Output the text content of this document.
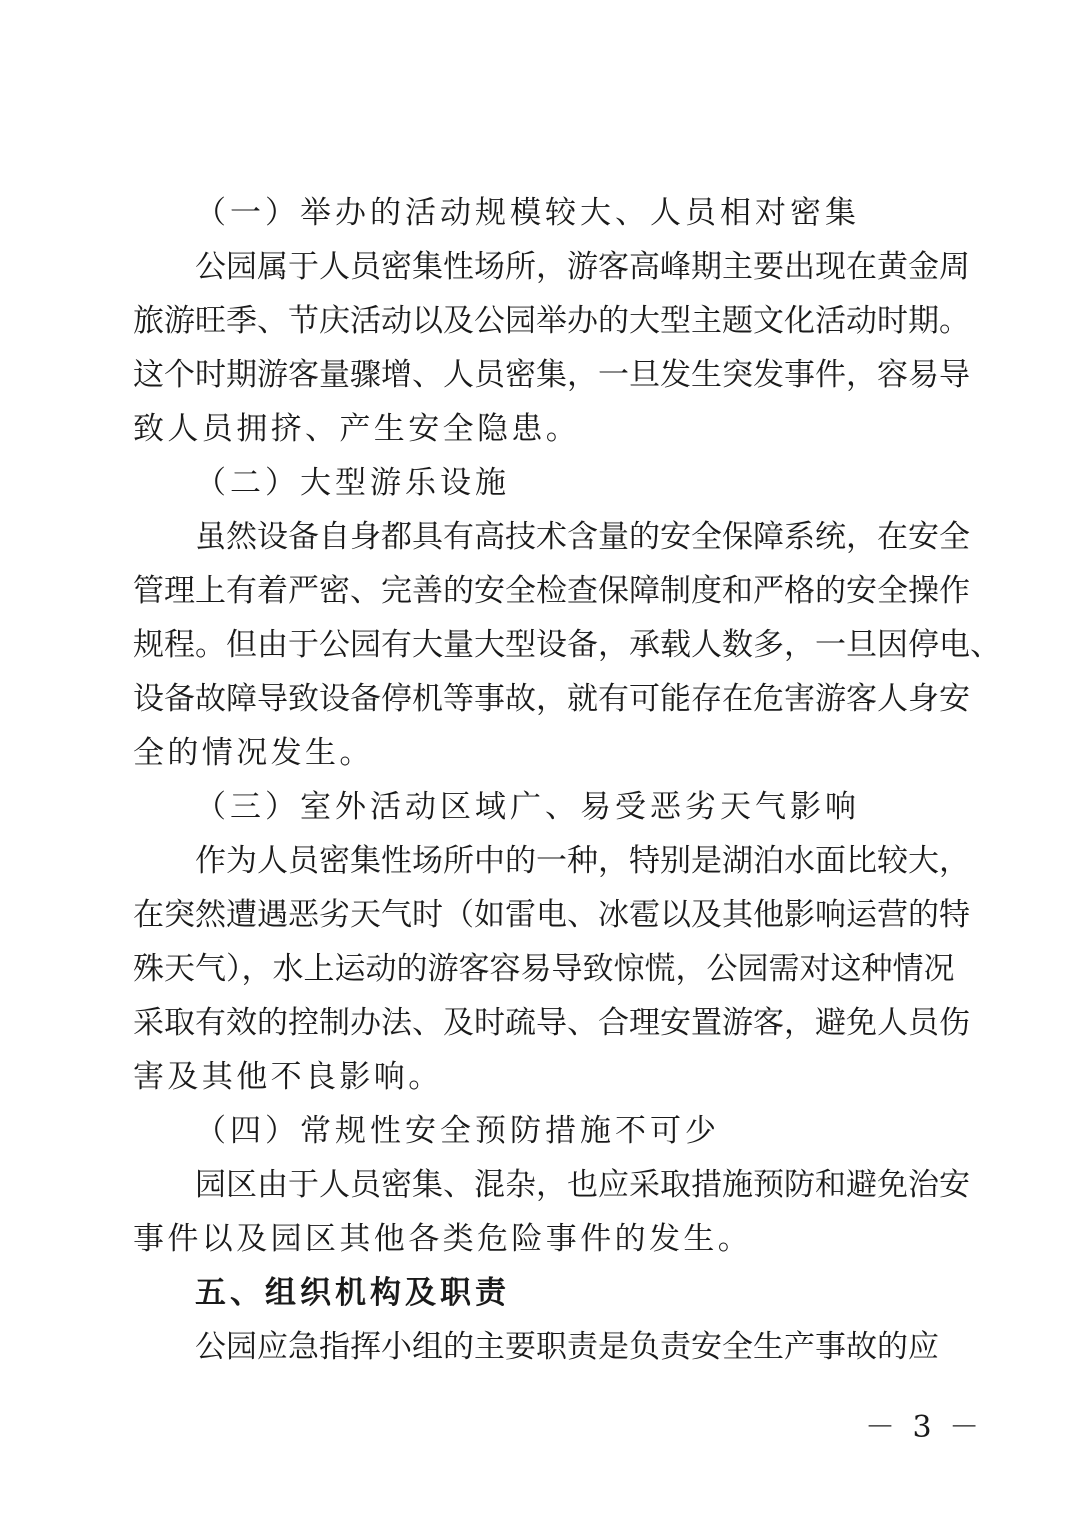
（一）举办的活动规模较大、人员相对密集
公园属于人员密集性场所，游客高峰期主要出现在黄金周
旅游旺季、节庆活动以及公园举办的大型主题文化活动时期。
这个时期游客量骤增、人员密集，一旦发生突发事件，容易导
致人员拥挤、产生安全隐患。
（二）大型游乐设施
虽然设备自身都具有高技术含量的安全保障系统，在安全
管理上有着严密、完善的安全检查保障制度和严格的安全操作
规程。但由于公园有大量大型设备，承载人数多，一旦因停电、
设备故障导致设备停机等事故，就有可能存在危害游客人身安
全的情况发生。
（三）室外活动区域广、易受恶劣天气影响
作为人员密集性场所中的一种，特别是湖泊水面比较大，
在突然遭遇恶劣天气时（如雷电、冰雹以及其他影响运营的特
殊天气），水上运动的游客容易导致惊慌，公园需对这种情况
采取有效的控制办法、及时疏导、合理安置游客，避免人员伤
害及其他不良影响。
（四）常规性安全预防措施不可少
园区由于人员密集、混杂，也应采取措施预防和避免治安
事件以及园区其他各类危险事件的发生。
五、组织机构及职责
公园应急指挥小组的主要职责是负责安全生产事故的应
－ 3 －
